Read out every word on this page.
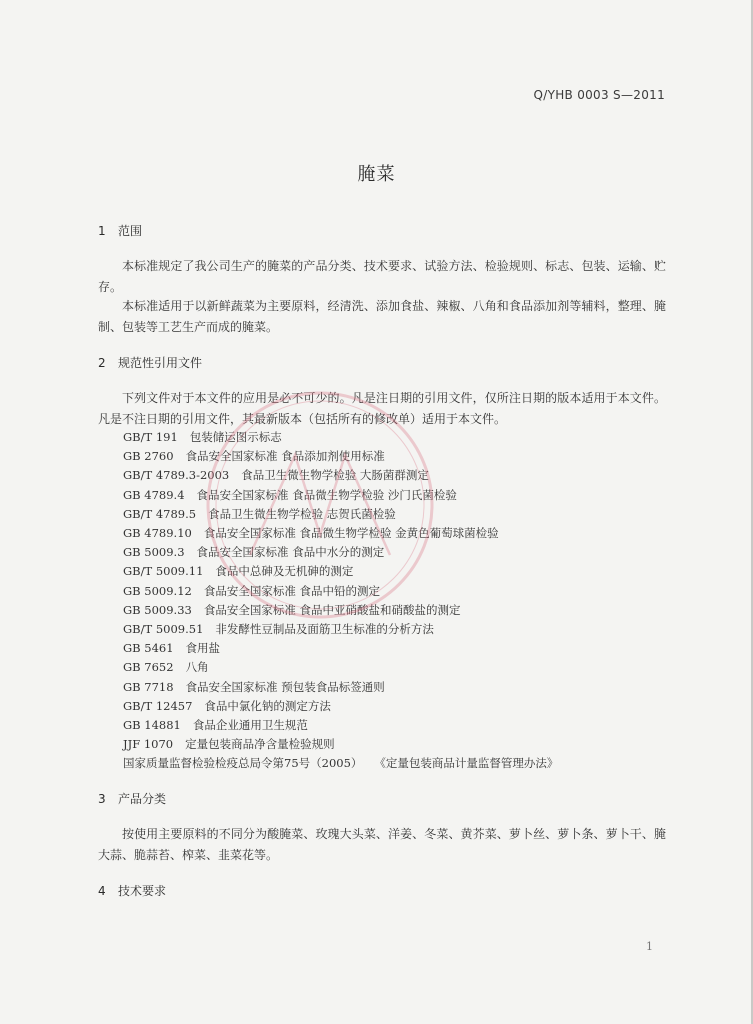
Q/YHB 0003 S—2011
腌菜
1 范围

本标准规定了我公司生产的腌菜的产品分类、技术要求、试验方法、检验规则、标志、包装、运输、贮存。

本标准适用于以新鲜蔬菜为主要原料，经清洗、添加食盐、辣椒、八角和食品添加剂等辅料，整理、腌制、包装等工艺生产而成的腌菜。

2 规范性引用文件

下列文件对于本文件的应用是必不可少的。凡是注日期的引用文件，仅所注日期的版本适用于本文件。凡是不注日期的引用文件，其最新版本（包括所有的修改单）适用于本文件。

GB/T 191 包装储运图示标志
GB 2760 食品安全国家标准 食品添加剂使用标准
GB/T 4789.3-2003 食品卫生微生物学检验 大肠菌群测定
GB 4789.4 食品安全国家标准 食品微生物学检验 沙门氏菌检验
GB/T 4789.5 食品卫生微生物学检验 志贺氏菌检验
GB 4789.10 食品安全国家标准 食品微生物学检验 金黄色葡萄球菌检验
GB 5009.3 食品安全国家标准 食品中水分的测定
GB/T 5009.11 食品中总砷及无机砷的测定
GB 5009.12 食品安全国家标准 食品中铅的测定
GB 5009.33 食品安全国家标准 食品中亚硝酸盐和硝酸盐的测定
GB/T 5009.51 非发酵性豆制品及面筋卫生标准的分析方法
GB 5461 食用盐
GB 7652 八角
GB 7718 食品安全国家标准 预包装食品标签通则
GB/T 12457 食品中氯化钠的测定方法
GB 14881 食品企业通用卫生规范
JJF 1070 定量包装商品净含量检验规则
国家质量监督检验检疫总局令第75号（2005） 《定量包装商品计量监督管理办法》
3 产品分类

按使用主要原料的不同分为酸腌菜、玫瑰大头菜、洋姜、冬菜、黄芥菜、萝卜丝、萝卜条、萝卜干、腌大蒜、脆蒜苔、榨菜、韭菜花等。

4 技术要求
1
